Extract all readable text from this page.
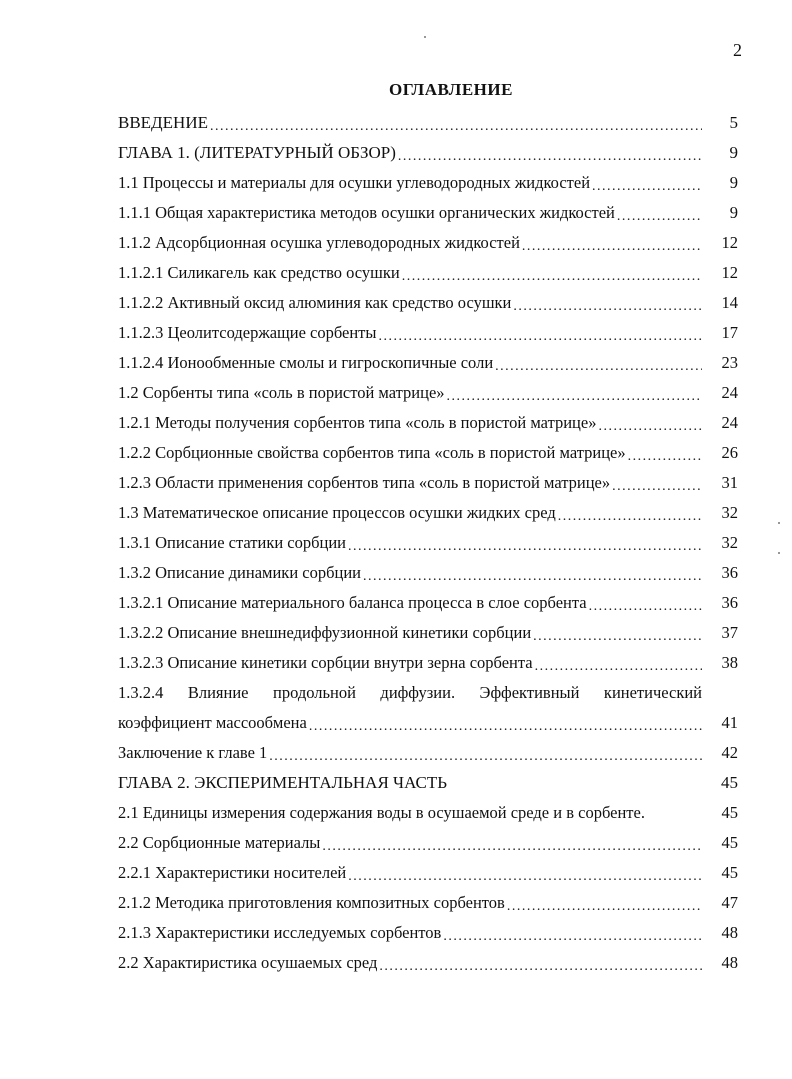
2
ОГЛАВЛЕНИЕ
ВВЕДЕНИЕ .....	5
ГЛАВА 1. (ЛИТЕРАТУРНЫЙ ОБЗОР) .....	9
1.1 Процессы и материалы для осушки углеводородных жидкостей .....	9
1.1.1 Общая характеристика методов осушки органических жидкостей .....	9
1.1.2 Адсорбционная осушка углеводородных жидкостей .....	12
1.1.2.1 Силикагель как средство осушки .....	12
1.1.2.2 Активный оксид алюминия как средство осушки .....	14
1.1.2.3 Цеолитсодержащие сорбенты .....	17
1.1.2.4 Ионообменные смолы и гигроскопичные соли .....	23
1.2 Сорбенты типа «соль в пористой матрице» .....	24
1.2.1 Методы получения сорбентов типа «соль в пористой матрице» .....	24
1.2.2 Сорбционные свойства сорбентов типа «соль в пористой матрице» .....	26
1.2.3 Области применения сорбентов типа «соль в пористой матрице» .....	31
1.3 Математическое описание процессов осушки жидких сред .....	32
1.3.1 Описание статики сорбции .....	32
1.3.2 Описание динамики сорбции .....	36
1.3.2.1 Описание материального баланса процесса в слое сорбента .....	36
1.3.2.2 Описание внешнедиффузионной кинетики сорбции .....	37
1.3.2.3 Описание кинетики сорбции внутри зерна сорбента .....	38
1.3.2.4 Влияние продольной диффузии. Эффективный кинетический
коэффициент массообмена .....	41
Заключение к главе 1 .....	42
ГЛАВА 2. ЭКСПЕРИМЕНТАЛЬНАЯ ЧАСТЬ	45
2.1 Единицы измерения содержания воды в осушаемой среде и в сорбенте.	45
2.2 Сорбционные материалы .....	45
2.2.1 Характеристики носителей .....	45
2.1.2 Методика приготовления композитных сорбентов .....	47
2.1.3 Характеристики исследуемых сорбентов .....	48
2.2 Характиристика осушаемых сред .....	48
